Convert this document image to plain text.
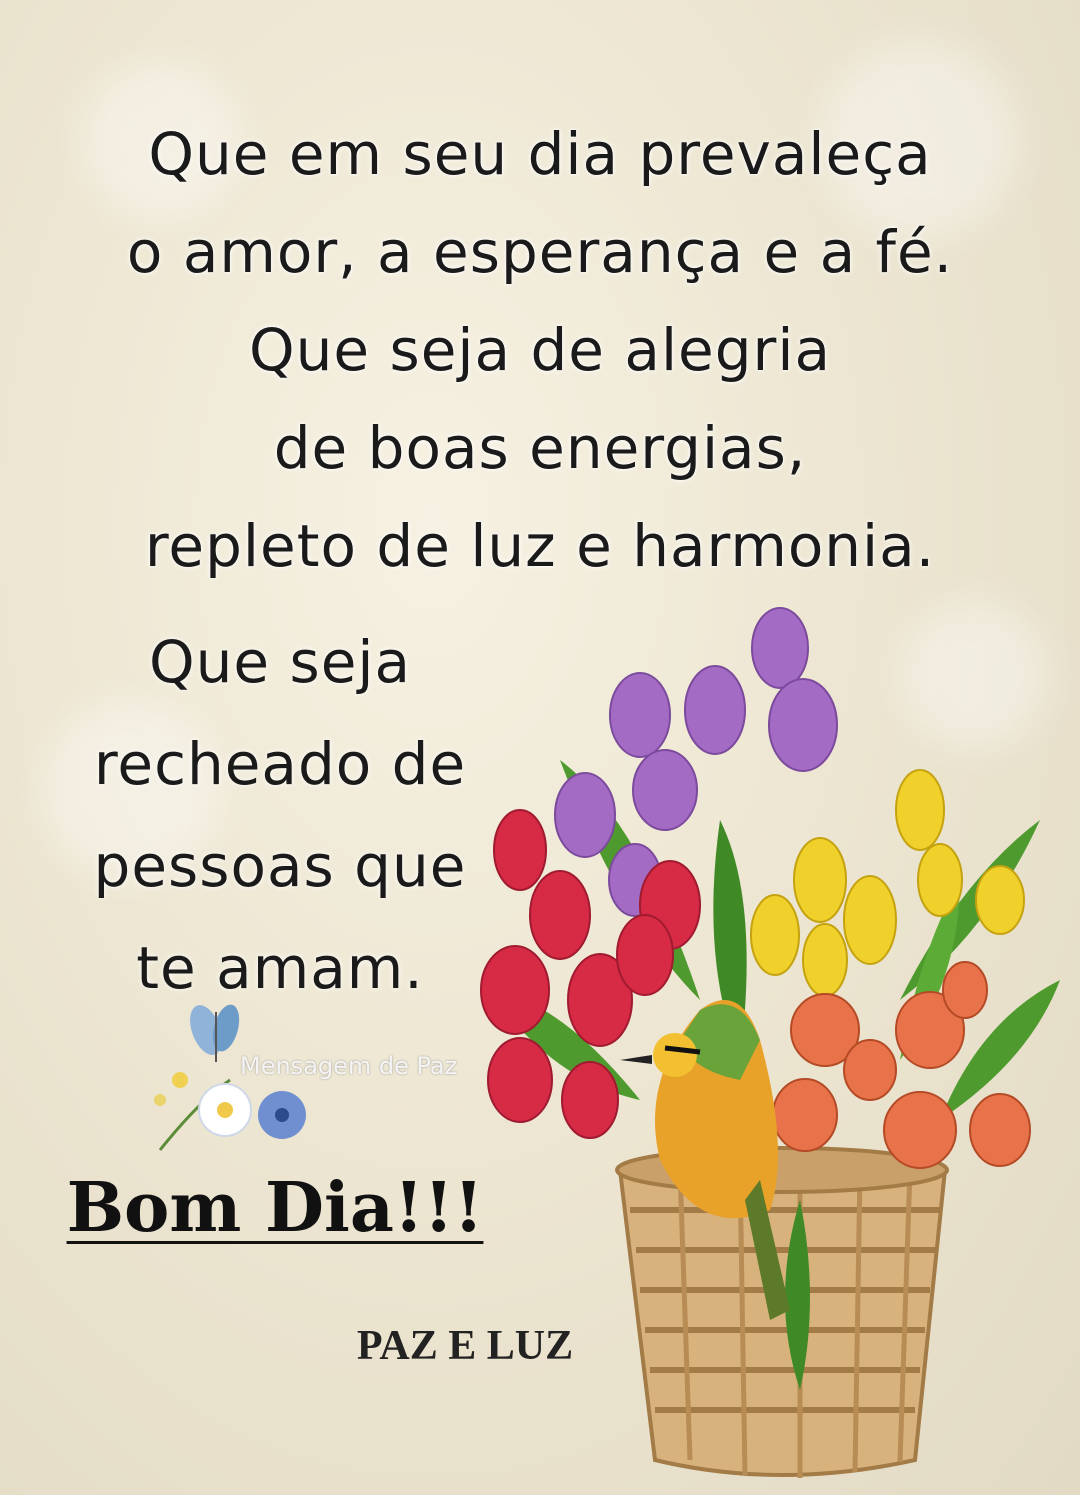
Que em seu dia prevaleça
o amor, a esperança e a fé.
Que seja de alegria
de boas energias,
repleto de luz e harmonia.
Que seja
recheado de
pessoas que
te amam.
Mensagem de Paz
Bom Dia!!!
PAZ E LUZ
